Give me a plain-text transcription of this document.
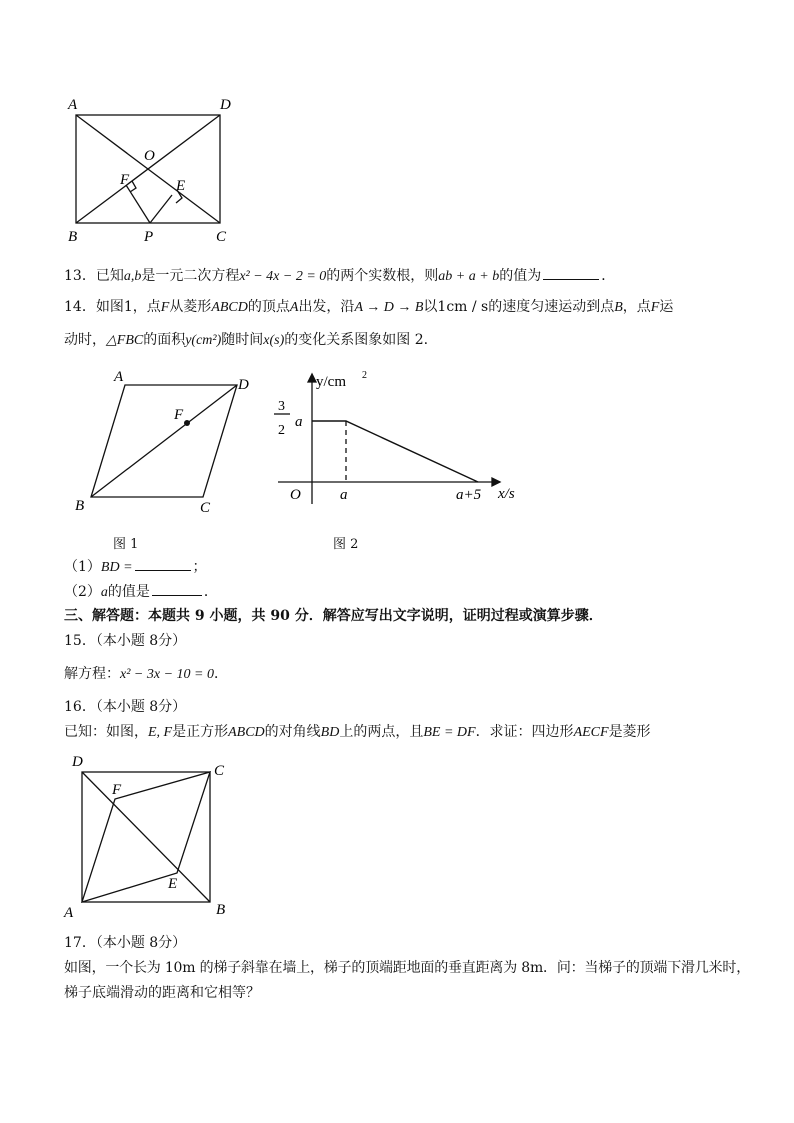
A	D
O
F	E
B	P	C
13．已知a,b是一元二次方程x² − 4x − 2 = 0的两个实数根，则ab + a + b的值为	．
14．如图1，点F从菱形ABCD的顶点A出发，沿A → D → B以1cm / s的速度匀速运动到点B，点F运
动时，△FBC的面积y(cm²)随时间x(s)的变化关系图象如图 2.
A	D
F
B	C
y/cm 2
3
2
a
O	a	a+5 x/s
图 1	图 2
（1）BD =	；
（2）a的值是	．
三、解答题：本题共 9 小题，共 90 分．解答应写出文字说明，证明过程或演算步骤．
15．（本小题 8分）
解方程：x² − 3x − 10 = 0．
16．（本小题 8分）
已知：如图，E, F是正方形ABCD的对角线BD上的两点，且BE = DF．求证：四边形AECF是菱形
D
C
F
E
A	B
17．（本小题 8分）
如图，一个长为 10m 的梯子斜靠在墙上，梯子的顶端距地面的垂直距离为 8m．问：当梯子的顶端下滑几米时，
梯子底端滑动的距离和它相等？
